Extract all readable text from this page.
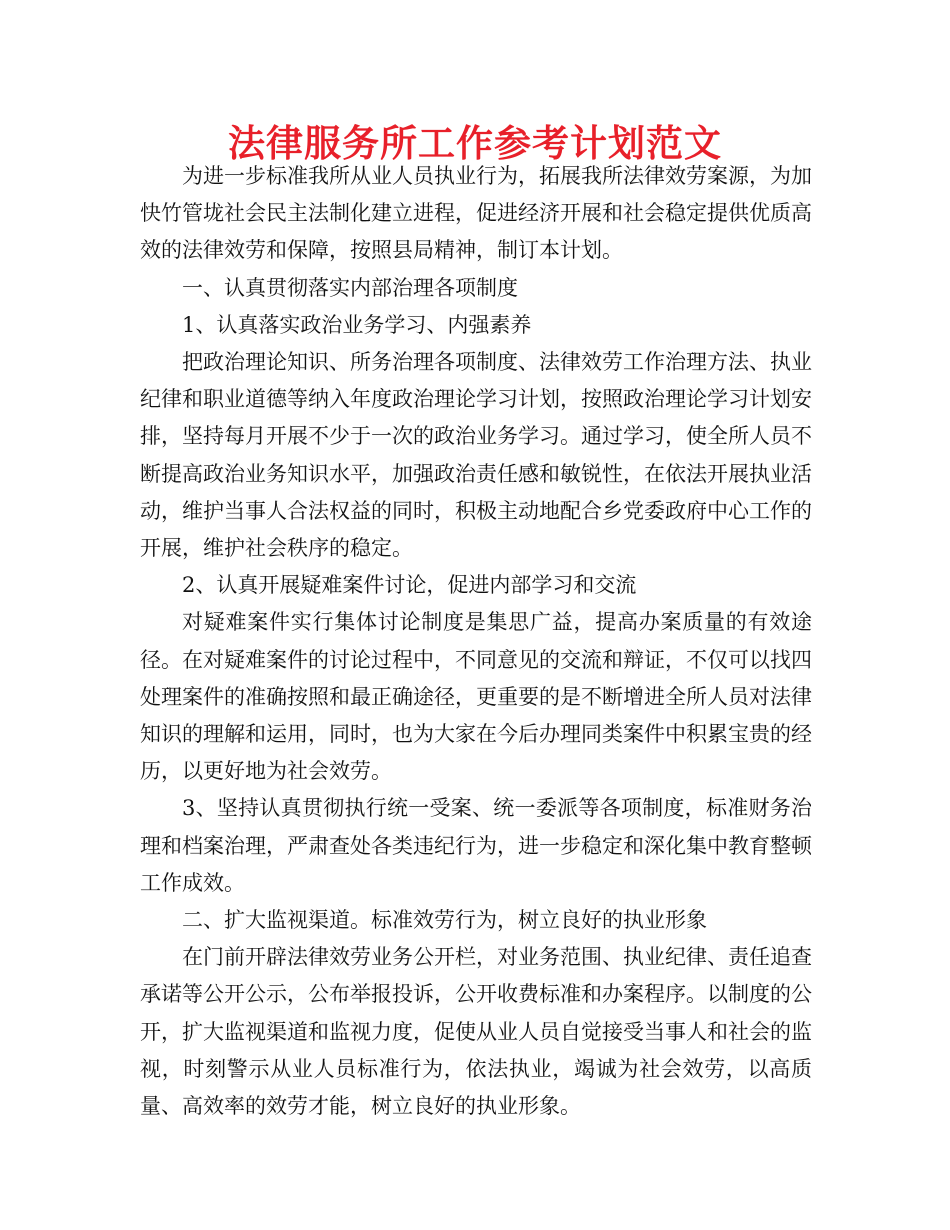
法律服务所工作参考计划范文

为进一步标准我所从业人员执业行为，拓展我所法律效劳案源，为加快竹管垅社会民主法制化建立进程，促进经济开展和社会稳定提供优质高效的法律效劳和保障，按照县局精神，制订本计划。

一、认真贯彻落实内部治理各项制度

1、认真落实政治业务学习、内强素养

把政治理论知识、所务治理各项制度、法律效劳工作治理方法、执业纪律和职业道德等纳入年度政治理论学习计划，按照政治理论学习计划安排，坚持每月开展不少于一次的政治业务学习。通过学习，使全所人员不断提高政治业务知识水平，加强政治责任感和敏锐性，在依法开展执业活动，维护当事人合法权益的同时，积极主动地配合乡党委政府中心工作的开展，维护社会秩序的稳定。

2、认真开展疑难案件讨论，促进内部学习和交流

对疑难案件实行集体讨论制度是集思广益，提高办案质量的有效途径。在对疑难案件的讨论过程中，不同意见的交流和辩证，不仅可以找四处理案件的准确按照和最正确途径，更重要的是不断增进全所人员对法律知识的理解和运用，同时，也为大家在今后办理同类案件中积累宝贵的经历，以更好地为社会效劳。

3、坚持认真贯彻执行统一受案、统一委派等各项制度，标准财务治理和档案治理，严肃查处各类违纪行为，进一步稳定和深化集中教育整顿工作成效。

二、扩大监视渠道。标准效劳行为，树立良好的执业形象

在门前开辟法律效劳业务公开栏，对业务范围、执业纪律、责任追查承诺等公开公示，公布举报投诉，公开收费标准和办案程序。以制度的公开，扩大监视渠道和监视力度，促使从业人员自觉接受当事人和社会的监视，时刻警示从业人员标准行为，依法执业，竭诚为社会效劳，以高质量、高效率的效劳才能，树立良好的执业形象。
